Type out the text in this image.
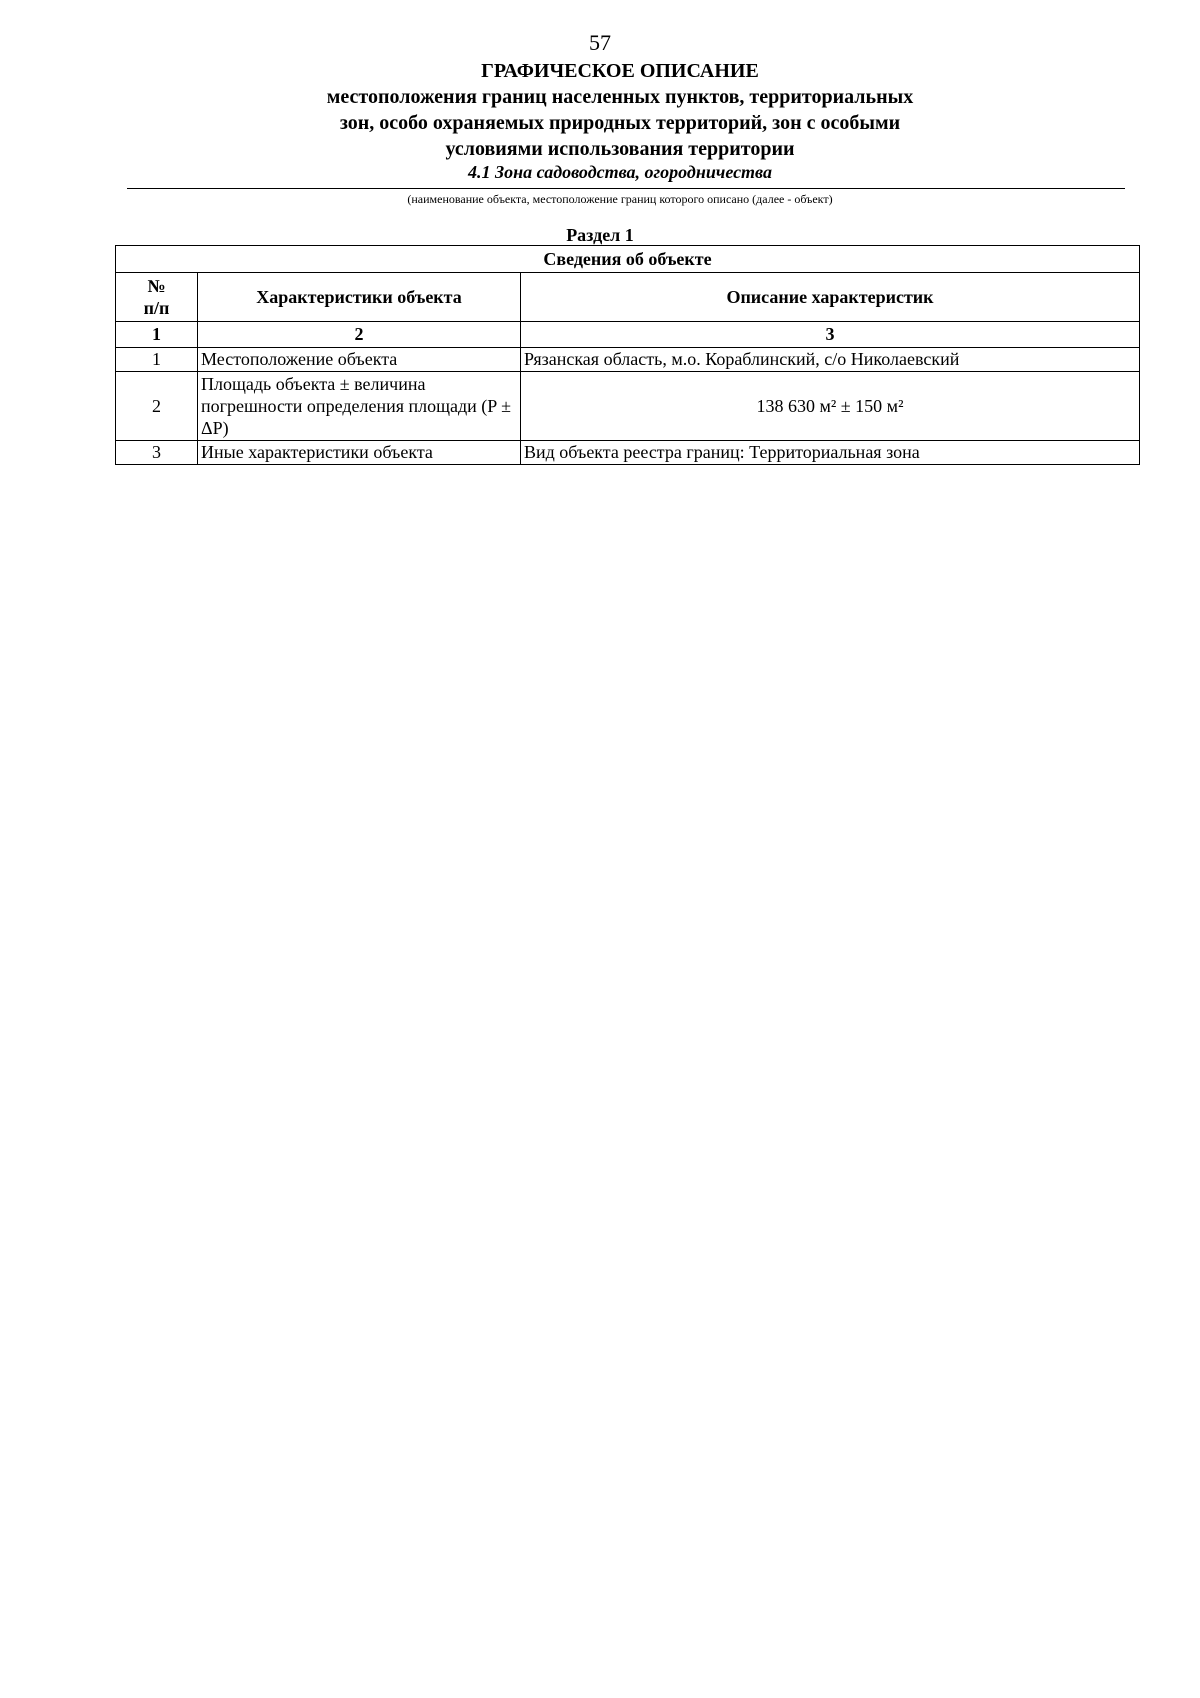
57
ГРАФИЧЕСКОЕ ОПИСАНИЕ
местоположения границ населенных пунктов, территориальных
зон, особо охраняемых природных территорий, зон с особыми
условиями использования территории
4.1 Зона садоводства, огородничества
(наименование объекта, местоположение границ которого описано (далее - объект)
Раздел 1
Сведения об объекте		
№
п/п	Характеристики объекта	Описание характеристик
1	2	3
1	Местоположение объекта	Рязанская область, м.о. Кораблинский, с/о Николаевский
2	Площадь объекта ± величина погрешности определения площади (P ± ΔP)	138 630 м² ± 150 м²
3	Иные характеристики объекта	Вид объекта реестра границ: Территориальная зона
